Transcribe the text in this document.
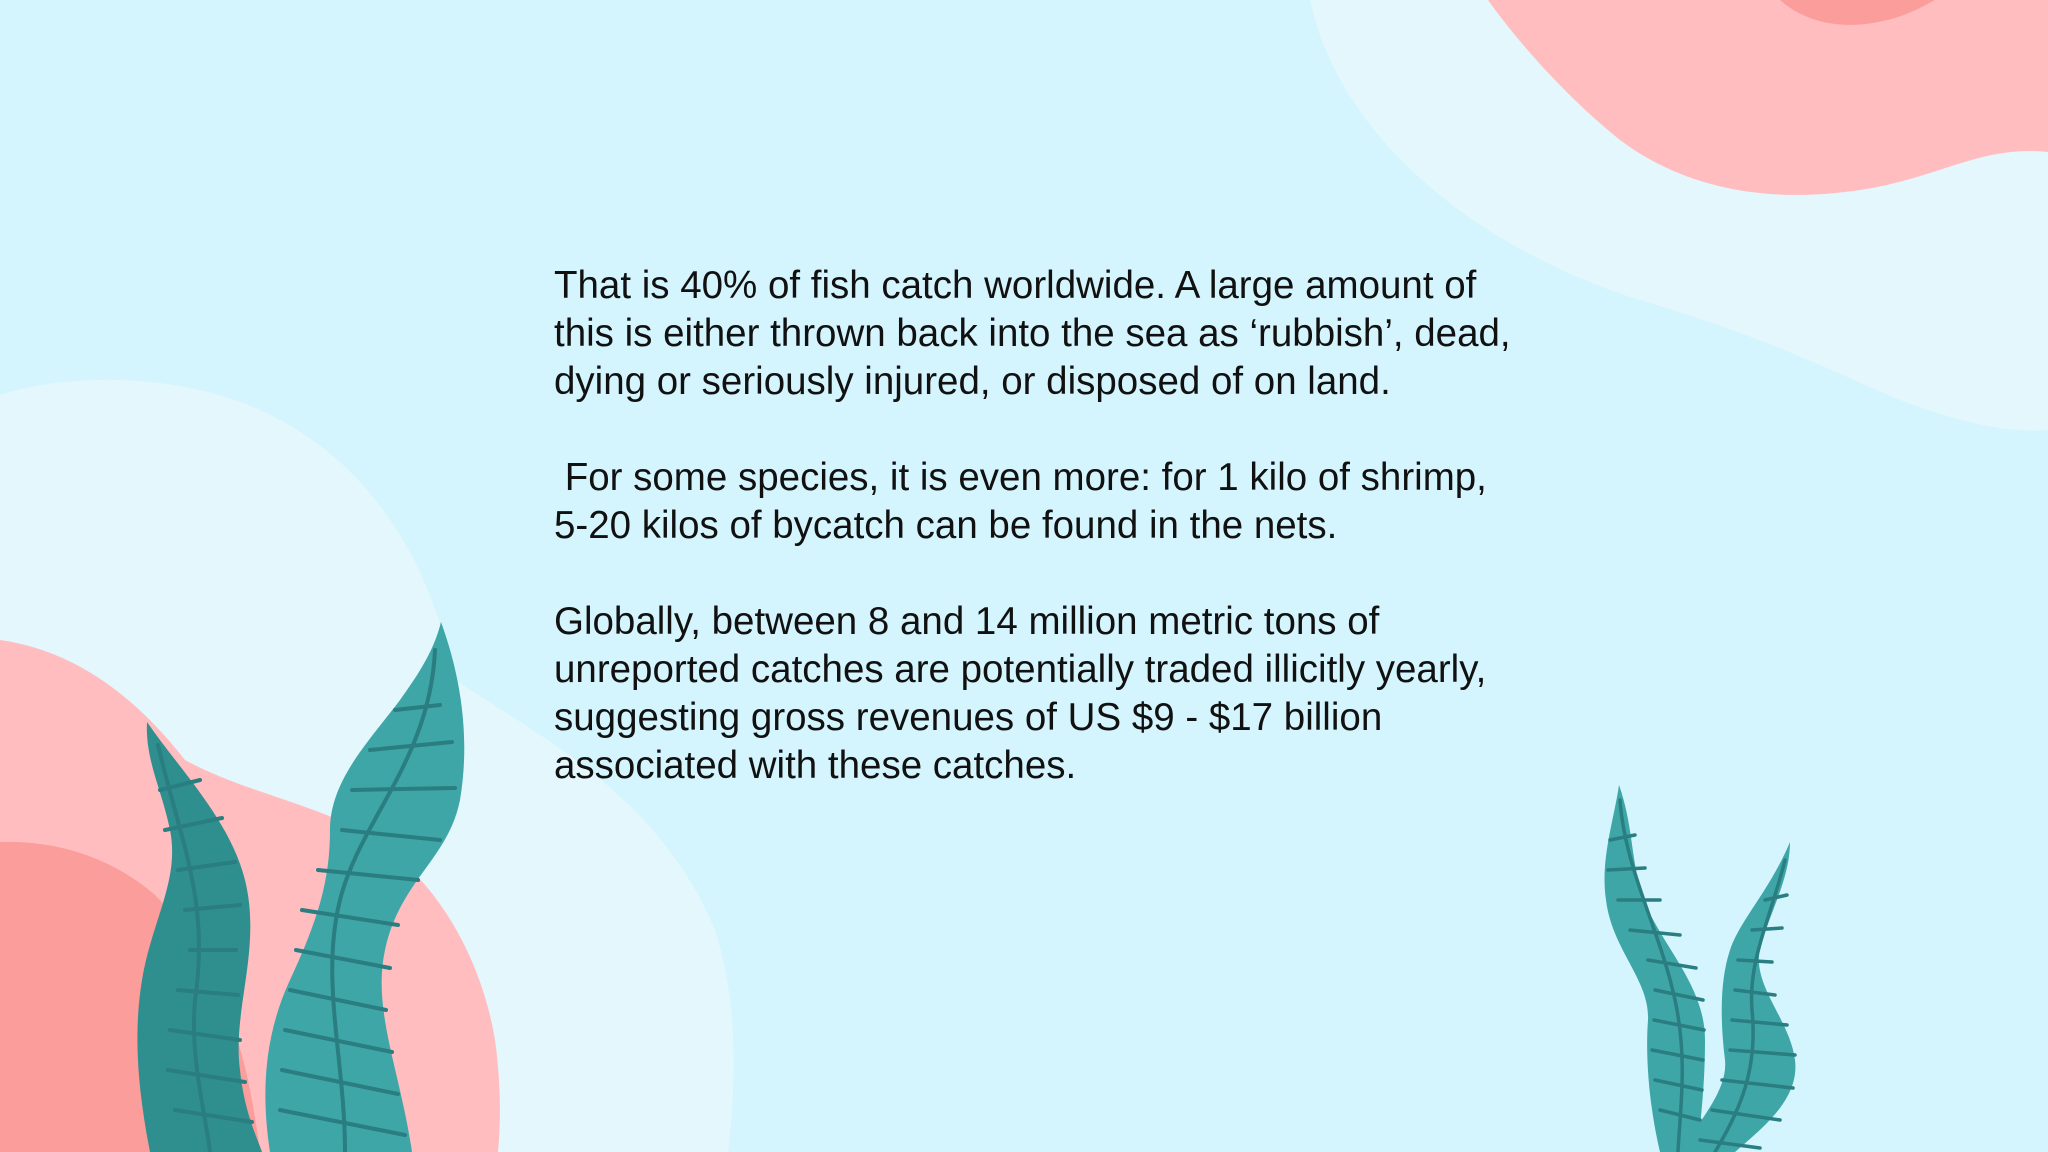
That is 40% of fish catch worldwide. A large amount of
this is either thrown back into the sea as ‘rubbish’, dead,
dying or seriously injured, or disposed of on land.

For some species, it is even more: for 1 kilo of shrimp,
5-20 kilos of bycatch can be found in the nets.

Globally, between 8 and 14 million metric tons of
unreported catches are potentially traded illicitly yearly,
suggesting gross revenues of US $9 - $17 billion
associated with these catches.
